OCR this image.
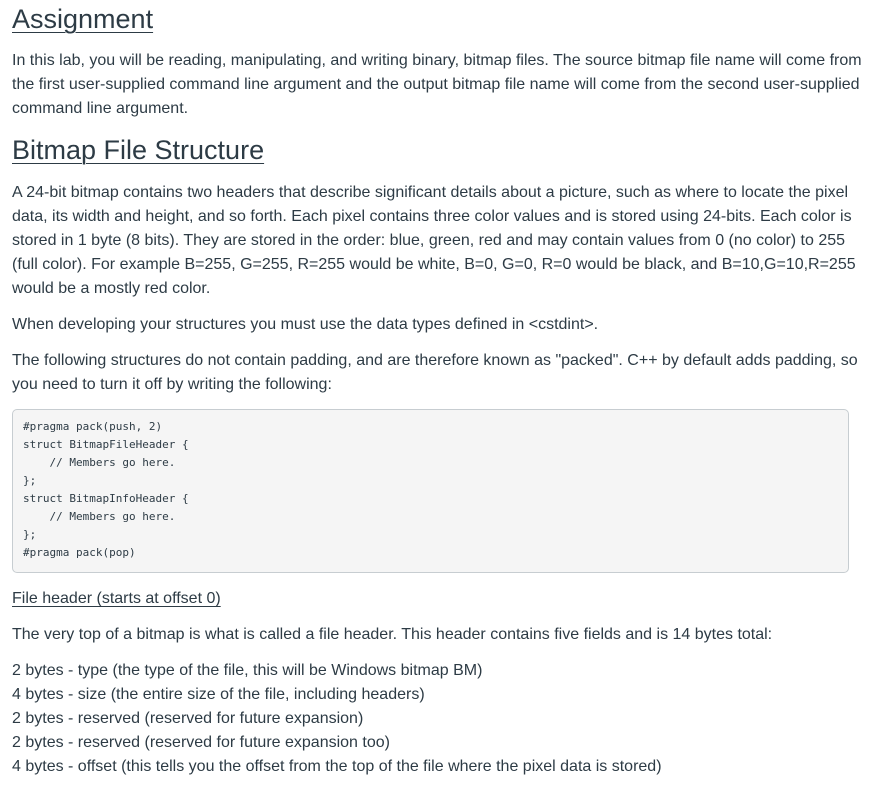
Assignment

In this lab, you will be reading, manipulating, and writing binary, bitmap files. The source bitmap file name will come from the first user-supplied command line argument and the output bitmap file name will come from the second user-supplied command line argument.

Bitmap File Structure

A 24-bit bitmap contains two headers that describe significant details about a picture, such as where to locate the pixel data, its width and height, and so forth. Each pixel contains three color values and is stored using 24-bits. Each color is stored in 1 byte (8 bits). They are stored in the order: blue, green, red and may contain values from 0 (no color) to 255 (full color). For example B=255, G=255, R=255 would be white, B=0, G=0, R=0 would be black, and B=10,G=10,R=255 would be a mostly red color.

When developing your structures you must use the data types defined in <cstdint>.

The following structures do not contain padding, and are therefore known as "packed". C++ by default adds padding, so you need to turn it off by writing the following:

#pragma pack(push, 2)
struct BitmapFileHeader {
// Members go here.
};
struct BitmapInfoHeader {
// Members go here.
};
#pragma pack(pop)
File header (starts at offset 0)

The very top of a bitmap is what is called a file header. This header contains five fields and is 14 bytes total:

2 bytes - type (the type of the file, this will be Windows bitmap BM)
4 bytes - size (the entire size of the file, including headers)
2 bytes - reserved (reserved for future expansion)
2 bytes - reserved (reserved for future expansion too)
4 bytes - offset (this tells you the offset from the top of the file where the pixel data is stored)
